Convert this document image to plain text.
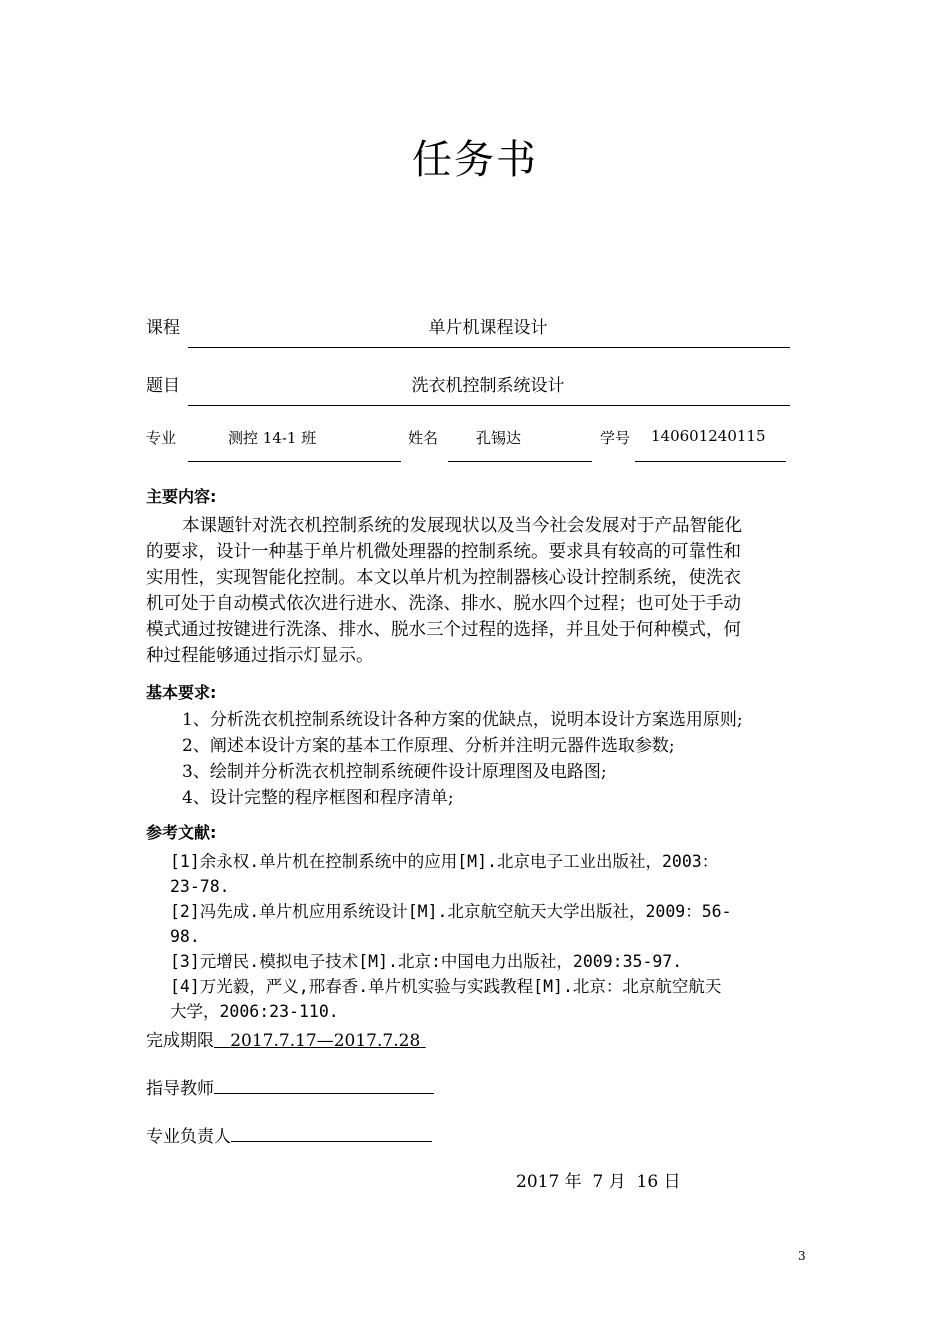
任务书
课程	单片机课程设计
题目	洗衣机控制系统设计
专业	测控 14-1 班	姓名	孔锡达	学号 140601240115
主要内容:
本课题针对洗衣机控制系统的发展现状以及当今社会发展对于产品智能化
的要求，设计一种基于单片机微处理器的控制系统。要求具有较高的可靠性和
实用性，实现智能化控制。本文以单片机为控制器核心设计控制系统，使洗衣
机可处于自动模式依次进行进水、洗涤、排水、脱水四个过程；也可处于手动
模式通过按键进行洗涤、排水、脱水三个过程的选择，并且处于何种模式，何
种过程能够通过指示灯显示。
基本要求:
1、分析洗衣机控制系统设计各种方案的优缺点，说明本设计方案选用原则;
2、阐述本设计方案的基本工作原理、分析并注明元器件选取参数;
3、绘制并分析洗衣机控制系统硬件设计原理图及电路图;
4、设计完整的程序框图和程序清单;
参考文献:
[1]余永权.单片机在控制系统中的应用[M].北京电子工业出版社，2003：
23-78.
[2]冯先成.单片机应用系统设计[M].北京航空航天大学出版社，2009：56-
98.
[3]元增民.模拟电子技术[M].北京:中国电力出版社，2009:35-97.
[4]万光毅，严义,邢春香.单片机实验与实践教程[M].北京：北京航空航天
大学，2006:23-110.
完成期限 2017.7.17—2017.7.28
指导教师
专业负责人
2017 年 7 月 16 日
3
